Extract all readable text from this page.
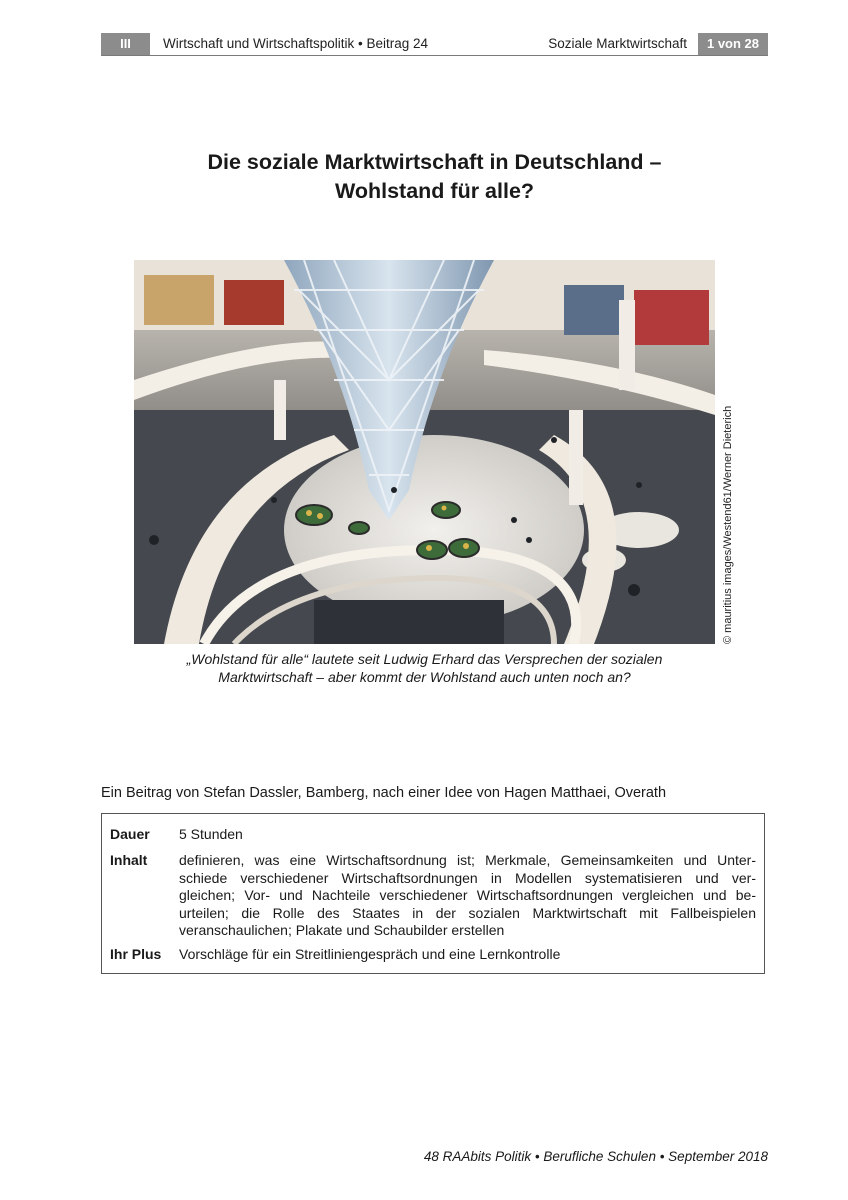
III	Wirtschaft und Wirtschaftspolitik • Beitrag 24	Soziale Marktwirtschaft	1 von 28
Die soziale Marktwirtschaft in Deutschland –
Wohlstand für alle?
© mauritius images/Westend61/Werner Dieterich
„Wohlstand für alle“ lautete seit Ludwig Erhard das Versprechen der sozialen
Marktwirtschaft – aber kommt der Wohlstand auch unten noch an?
Ein Beitrag von Stefan Dassler, Bamberg, nach einer Idee von Hagen Matthaei, Overath
Dauer 5 Stunden
Inhalt definieren, was eine Wirtschaftsordnung ist; Merkmale, Gemeinsamkeiten und Unter-
schiede verschiedener Wirtschaftsordnungen in Modellen systematisieren und ver-
gleichen; Vor- und Nachteile verschiedener Wirtschaftsordnungen vergleichen und be-
urteilen; die Rolle des Staates in der sozialen Marktwirtschaft mit Fallbeispielen
veranschaulichen; Plakate und Schaubilder erstellen
Ihr Plus Vorschläge für ein Streitliniengespräch und eine Lernkontrolle
48 RAAbits Politik • Berufliche Schulen • September 2018
